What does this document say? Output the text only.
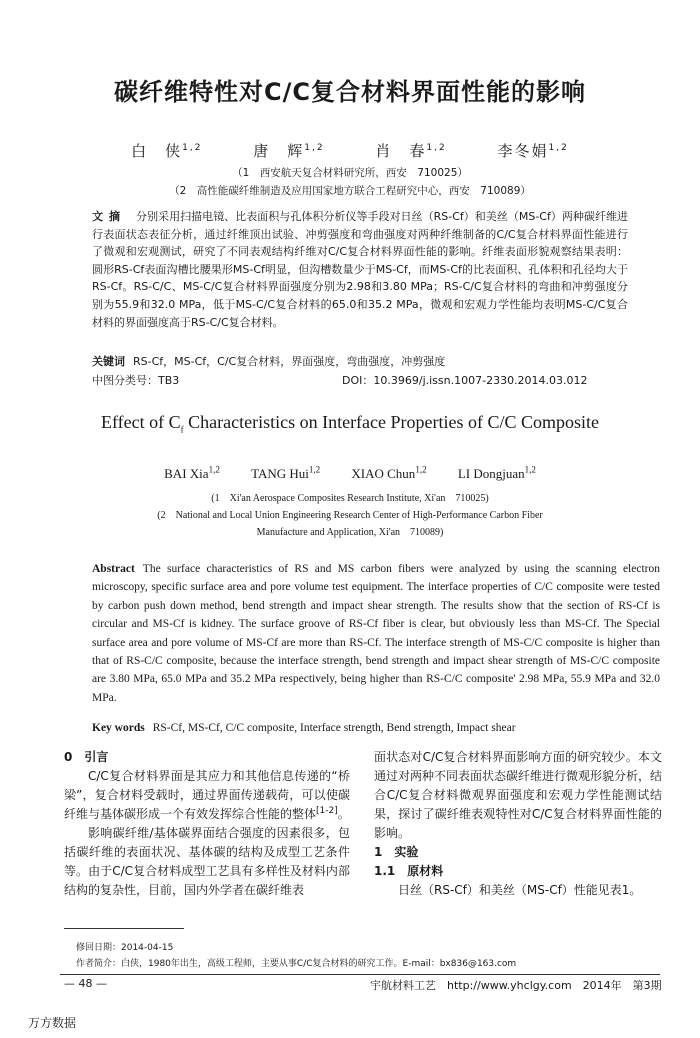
碳纤维特性对C/C复合材料界面性能的影响
白　侠$^{1,2}$	唐　辉$^{1,2}$	肖　春$^{1,2}$	李冬娟$^{1,2}$
（1　西安航天复合材料研究所，西安　710025）
（2　高性能碳纤维制造及应用国家地方联合工程研究中心，西安　710089）
文摘 分别采用扫描电镜、比表面积与孔体积分析仪等手段对日丝（RS-Cf）和美丝（MS-Cf）两种碳纤维进行表面状态表征分析，通过纤维顶出试验、冲剪强度和弯曲强度对两种纤维制备的C/C复合材料界面性能进行了微观和宏观测试，研究了不同表观结构纤维对C/C复合材料界面性能的影响。纤维表面形貌观察结果表明：圆形RS-Cf表面沟槽比腰果形MS-Cf明显，但沟槽数量少于MS-Cf，而MS-Cf的比表面积、孔体积和孔径均大于RS-Cf。RS-C/C、MS-C/C复合材料界面强度分别为2.98和3.80 MPa；RS-C/C复合材料的弯曲和冲剪强度分别为55.9和32.0 MPa，低于MS-C/C复合材料的65.0和35.2 MPa，微观和宏观力学性能均表明MS-C/C复合材料的界面强度高于RS-C/C复合材料。
关键词 RS-Cf，MS-Cf，C/C复合材料，界面强度，弯曲强度，冲剪强度
中图分类号：TB3	DOI：10.3969/j.issn.1007-2330.2014.03.012
Effect of $C_f$ Characteristics on Interface Properties of C/C Composite
BAI Xia$^{1,2}$ TANG Hui$^{1,2}$ XIAO Chun$^{1,2}$ LI Dongjuan$^{1,2}$
(1　Xi'an Aerospace Composites Research Institute, Xi'an　710025)
(2　National and Local Union Engineering Research Center of High-Performance Carbon Fiber
Manufacture and Application, Xi'an　710089)
Abstract The surface characteristics of RS and MS carbon fibers were analyzed by using the scanning electron microscopy, specific surface area and pore volume test equipment. The interface properties of C/C composite were tested by carbon push down method, bend strength and impact shear strength. The results show that the section of RS-Cf is circular and MS-Cf is kidney. The surface groove of RS-Cf fiber is clear, but obviously less than MS-Cf. The Special surface area and pore volume of MS-Cf are more than RS-Cf. The interface strength of MS-C/C composite is higher than that of RS-C/C composite, because the interface strength, bend strength and impact shear strength of MS-C/C composite are 3.80 MPa, 65.0 MPa and 35.2 MPa respectively, being higher than RS-C/C composite' 2.98 MPa, 55.9 MPa and 32.0 MPa.
Key words RS-Cf, MS-Cf, C/C composite, Interface strength, Bend strength, Impact shear
0　引言

C/C复合材料界面是其应力和其他信息传递的“桥梁”，复合材料受载时，通过界面传递载荷，可以使碳纤维与基体碳形成一个有效发挥综合性能的整体[1-2]。

影响碳纤维/基体碳界面结合强度的因素很多，包括碳纤维的表面状况、基体碳的结构及成型工艺条件等。由于C/C复合材料成型工艺具有多样性及材料内部结构的复杂性，目前，国内外学者在碳纤维表

面状态对C/C复合材料界面影响方面的研究较少。本文通过对两种不同表面状态碳纤维进行微观形貌分析，结合C/C复合材料微观界面强度和宏观力学性能测试结果，探讨了碳纤维表观特性对C/C复合材料界面性能的影响。

1　实验

1.1　原材料

日丝（RS-Cf）和美丝（MS-Cf）性能见表1。

修回日期：2014-04-15
作者简介：白侠，1980年出生，高级工程师，主要从事C/C复合材料的研究工作。E-mail：bx836@163.com
— 48 —	宇航材料工艺　http://www.yhclgy.com　2014年　第3期
万方数据
